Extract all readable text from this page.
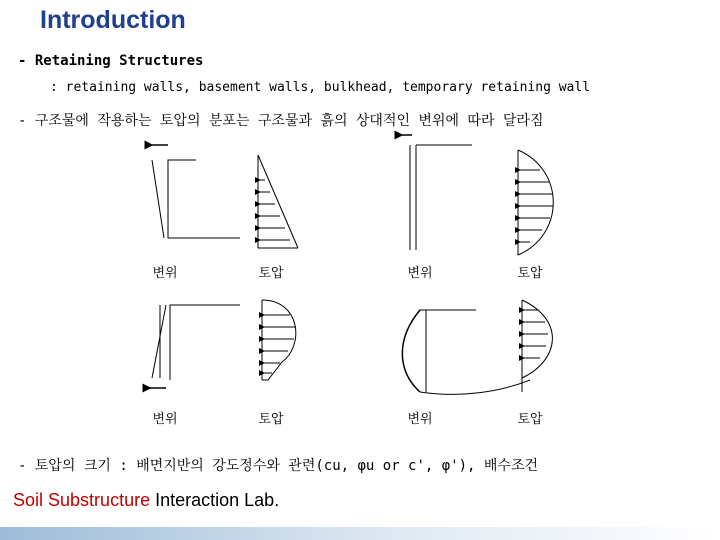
Introduction
- Retaining Structures
: retaining walls, basement walls, bulkhead, temporary retaining wall
- 구조물에 작용하는 토압의 분포는 구조물과 흙의 상대적인 변위에 따라 달라짐
변위	토압	변위	토압
변위	토압	변위	토압
- 토압의 크기 : 배면지반의 강도정수와 관련(cu, φu or c', φ'), 배수조건
Soil Substructure Interaction Lab.
